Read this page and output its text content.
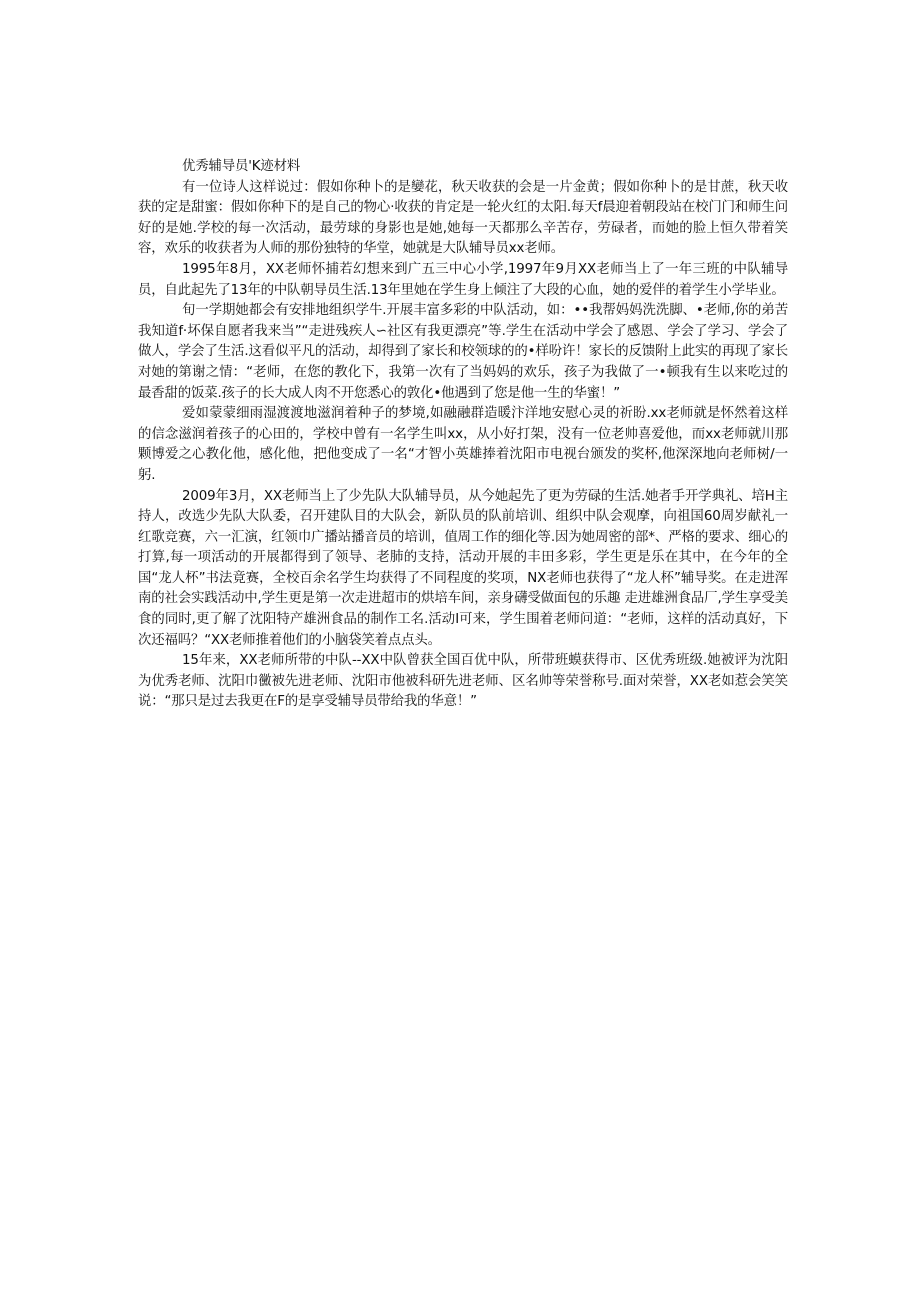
优秀辅导员'K迹材料

有一位诗人这样说过：假如你种卜的是孌花，秋天收获的会是一片金黄；假如你种卜的是甘蔗，秋天收获的定是甜蜜：假如你种下的是自己的物心·收获的肯定是一轮火红的太阳.每天f晨迎着朝段站在校门门和师生问好的是她.学校的每一次活动，最劳球的身影也是她,她每一天都那么辛苦存，劳碌者，而她的脸上恒久带着笑容，欢乐的收获者为人师的那份独特的华堂，她就是大队辅导员xx老师。

1995年8月，XX老师怀捕若幻想来到广五三中心小学,1997年9月XX老师当上了一年三班的中队辅导员，自此起先了13年的中队朝导员生活.13年里她在学生身上倾注了大段的心血，她的爱伴的着学生小学毕业。

旬一学期她都会有安排地组织学牛.开展丰富多彩的中队活动，如：••我帮妈妈洗洗脚、•老师,你的弟苦我知道f·坏保自愿者我来当”“走进残疾人∽社区有我更漂亮”等.学生在活动中学会了感恩、学会了学习、学会了做人，学会了生活.这看似平凡的活动，却得到了家长和校领球的的•样吩许！家长的反馈附上此实的再现了家长对她的第谢之情：“老师，在您的教化下，我第一次有了当妈妈的欢乐，孩子为我做了一•顿我有生以来吃过的最香甜的饭菜.孩子的长大成人肉不开您悉心的敦化•他遇到了您是他一生的华蜜！”

爱如蒙蒙细雨湿渡渡地滋润着种子的梦境,如融融群造暖汴洋地安慰心灵的祈盼.xx老师就是怀然着这样的信念滋润着孩子的心田的，学校中曾有一名学生叫xx，从小好打架，没有一位老帅喜爱他，而xx老师就川那颗博爱之心教化他，感化他，把他变成了一名“才智小英雄捧着沈阳市电视台颁发的奖杯,他深深地向老师树/一躬.

2009年3月，XX老师当上了少先队大队辅导员，从今她起先了更为劳碌的生活.她者手开学典礼、培H主持人，改选少先队大队委，召开建队目的大队会，新队员的队前培训、组织中队会观摩，向祖国60周岁献礼一红歌竞赛，六一汇演，红领巾广播站播音员的培训，值周工作的细化等.因为她周密的部*、严格的要求、细心的打算,每一项活动的开展都得到了领导、老肺的支持，活动开展的丰田多彩，学生更是乐在其中，在今年的全国“龙人杯”书法竟赛，全校百余名学生均获得了不同程度的奖项，NX老师也获得了“龙人杯”辅导奖。在走进浑南的社会实践活动中,学生更是第一次走进超市的烘培车间，亲身礴受做面包的乐趣 走进雄洲食品厂,学生享受美食的同时,更了解了沈阳特产雄洲食品的制作工名.活动I可来，学生围着老师问道：“老师，这样的活动真好，下次还福吗？“XX老师推着他们的小脑袋笑着点点头。

15年来，XX老师所带的中队--XX中队曾获全国百优中队，所带班蟆获得市、区优秀班级.她被评为沈阳为优秀老师、沈阳巾黴被先进老师、沈阳市他被科研先进老师、区名帅等荣誉称号.面对荣誉，XX老如惹会笑笑说：“那只是过去我更在F的是享受辅导员带给我的华意！”
